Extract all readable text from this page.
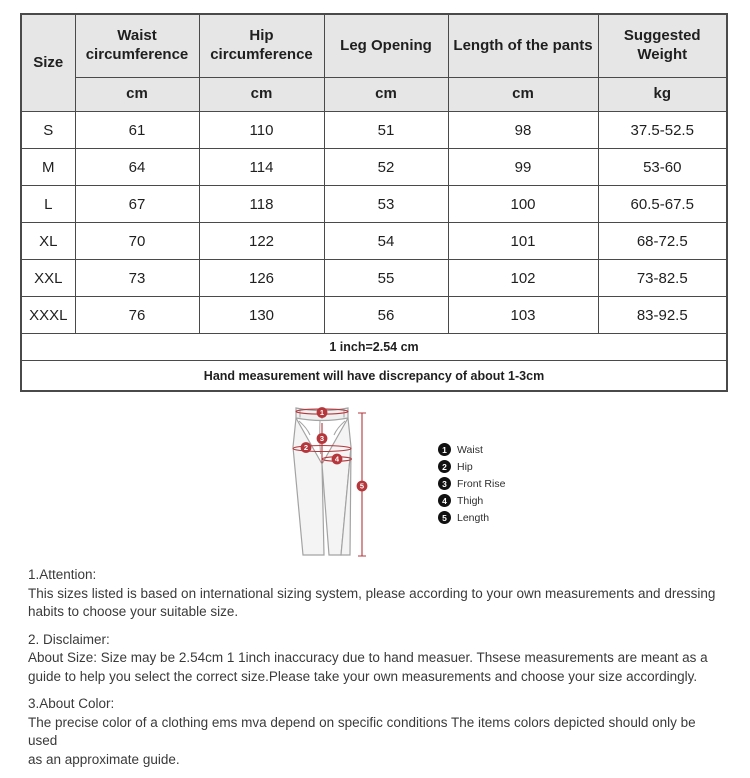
Size	Waist circumference	Hip circumference	Leg Opening	Length of the pants	Suggested Weight
	cm	cm	cm	cm	kg
S	61	110	51	98	37.5-52.5
M	64	114	52	99	53-60
L	67	118	53	100	60.5-67.5
XL	70	122	54	101	68-72.5
XXL	73	126	55	102	73-82.5
XXXL	76	130	56	103	83-92.5
1 inch=2.54 cm					
Hand measurement will have discrepancy of about 1-3cm					
1
2
3
4
5
1 Waist
2 Hip
3 Front Rise
4 Thigh
5 Length
1.Attention:
This sizes listed is based on international sizing system, please according to your own measurements and dressing
habits to choose your suitable size.
2. Disclaimer:
About Size: Size may be 2.54cm 1 1inch inaccuracy due to hand measuer. Thsese measurements are meant as a
guide to help you select the correct size.Please take your own measurements and choose your size accordingly.
3.About Color:
The precise color of a clothing ems mva depend on specific conditions The items colors depicted should only be   used
as an approximate guide.
